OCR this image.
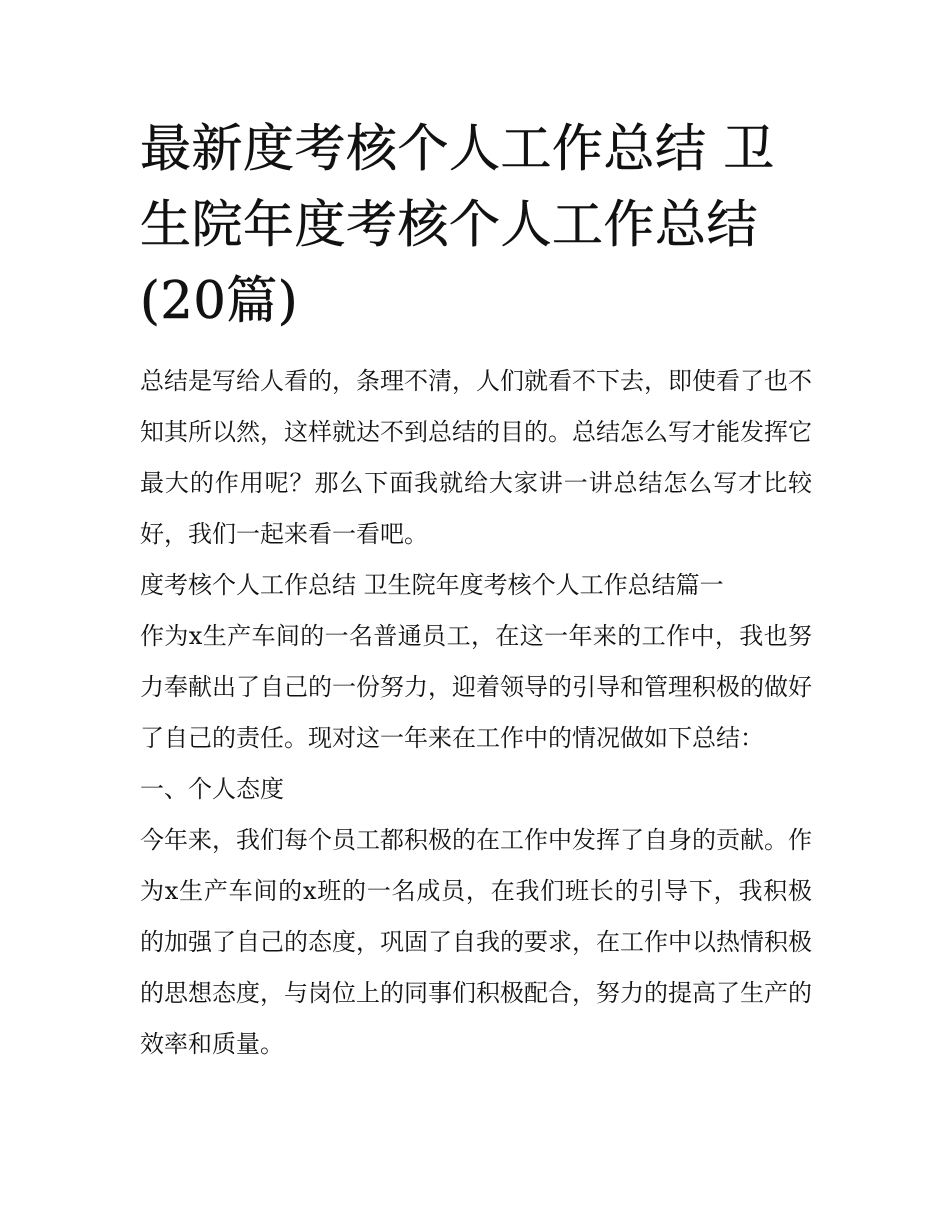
最新度考核个人工作总结 卫生院年度考核个人工作总结(20篇)

总结是写给人看的，条理不清，人们就看不下去，即使看了也不知其所以然，这样就达不到总结的目的。总结怎么写才能发挥它最大的作用呢？那么下面我就给大家讲一讲总结怎么写才比较好，我们一起来看一看吧。

度考核个人工作总结 卫生院年度考核个人工作总结篇一

作为x生产车间的一名普通员工，在这一年来的工作中，我也努力奉献出了自己的一份努力，迎着领导的引导和管理积极的做好了自己的责任。现对这一年来在工作中的情况做如下总结：

一、个人态度

今年来，我们每个员工都积极的在工作中发挥了自身的贡献。作为x生产车间的x班的一名成员，在我们班长的引导下，我积极的加强了自己的态度，巩固了自我的要求，在工作中以热情积极的思想态度，与岗位上的同事们积极配合，努力的提高了生产的效率和质量。
